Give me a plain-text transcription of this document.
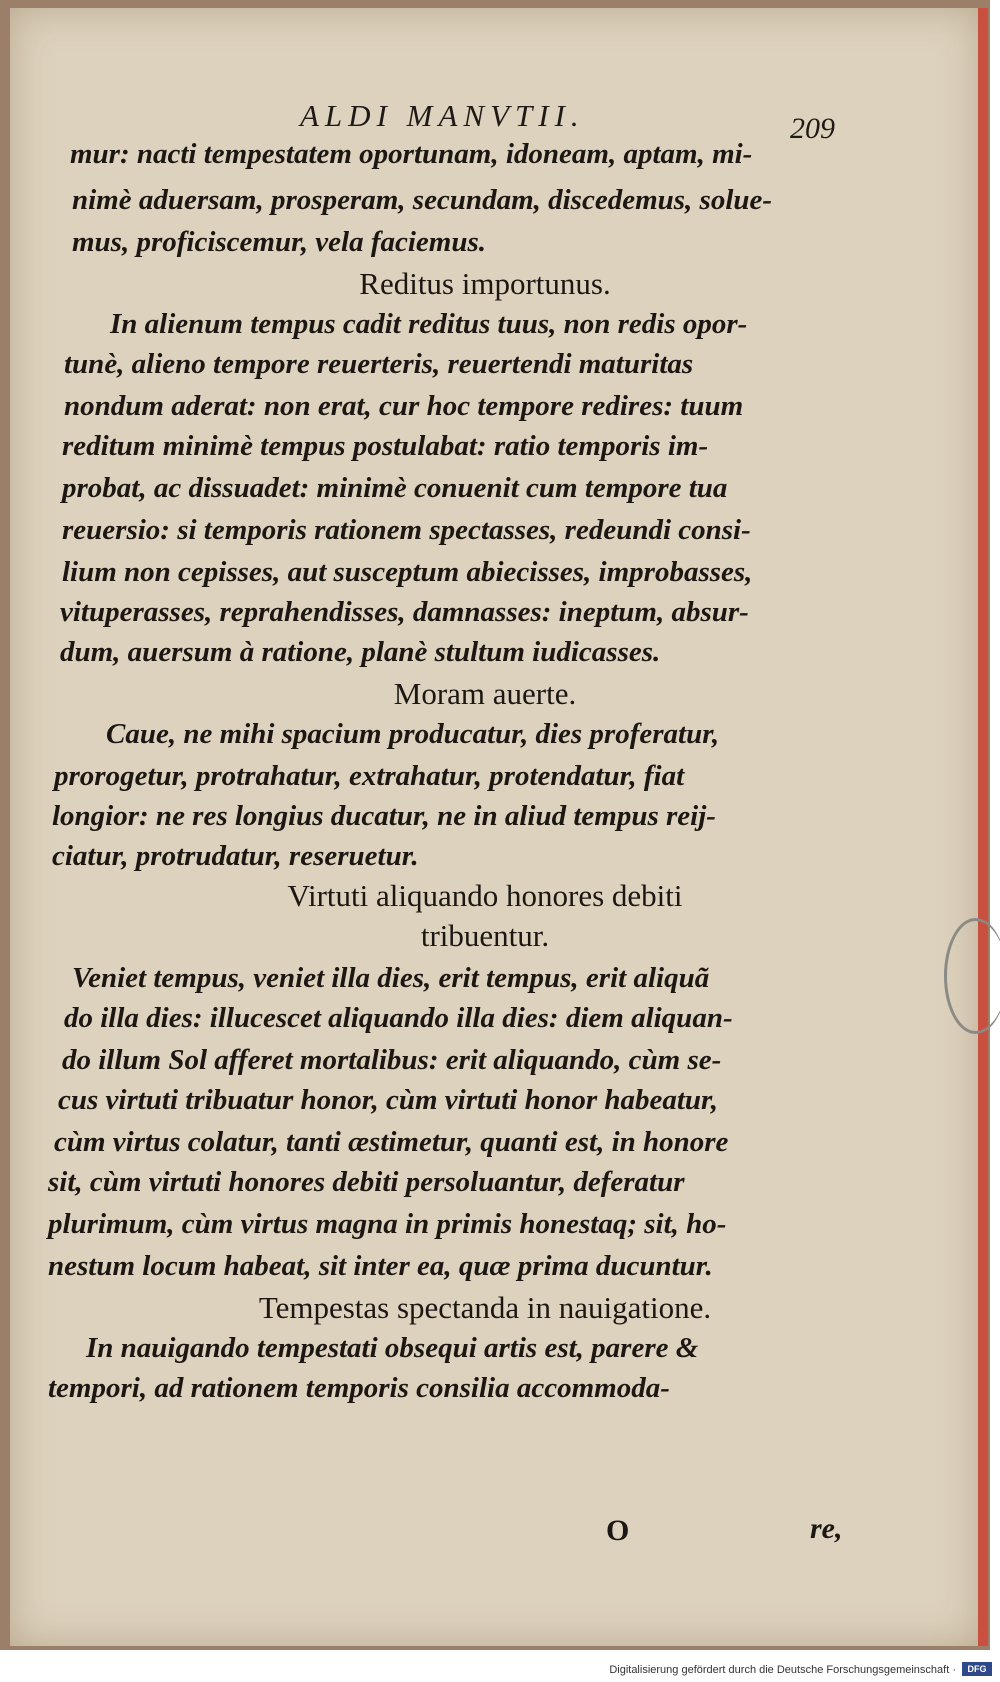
ALDI MANVTII.	209
mur: nacti tempestatem oportunam, idoneam, aptam, mi-
nimè aduersam, prosperam, secundam, discedemus, solue-
mus, proficiscemur, vela faciemus.
Reditus importunus.
In alienum tempus cadit reditus tuus, non redis opor-
tunè, alieno tempore reuerteris, reuertendi maturitas
nondum aderat: non erat, cur hoc tempore redires: tuum
reditum minimè tempus postulabat: ratio temporis im-
probat, ac dissuadet: minimè conuenit cum tempore tua
reuersio: si temporis rationem spectasses, redeundi consi-
lium non cepisses, aut susceptum abiecisses, improbasses,
vituperasses, reprahendisses, damnasses: ineptum, absur-
dum, auersum à ratione, planè stultum iudicasses.
Moram auerte.
Caue, ne mihi spacium producatur, dies proferatur,
prorogetur, protrahatur, extrahatur, protendatur, fiat
longior: ne res longius ducatur, ne in aliud tempus reij-
ciatur, protrudatur, reseruetur.
Virtuti aliquando honores debiti
tribuentur.
Veniet tempus, veniet illa dies, erit tempus, erit aliquã
do illa dies: illucescet aliquando illa dies: diem aliquan-
do illum Sol afferet mortalibus: erit aliquando, cùm se-
cus virtuti tribuatur honor, cùm virtuti honor habeatur,
cùm virtus colatur, tanti æstimetur, quanti est, in honore
sit, cùm virtuti honores debiti persoluantur, deferatur
plurimum, cùm virtus magna in primis honestaq; sit, ho-
nestum locum habeat, sit inter ea, quæ prima ducuntur.
Tempestas spectanda in nauigatione.
In nauigando tempestati obsequi artis est, parere &
tempori, ad rationem temporis consilia accommoda-
O	re,
Digitalisierung gefördert durch die Deutsche Forschungsgemeinschaft ·	DFG
